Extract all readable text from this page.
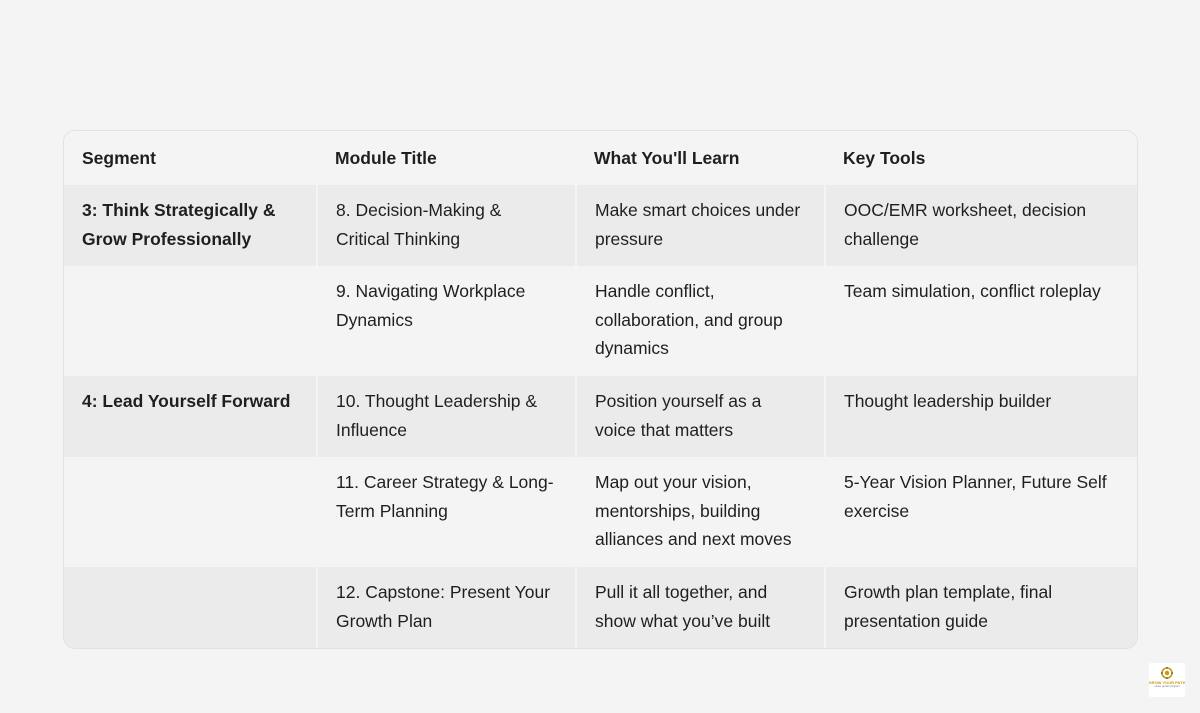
Segment	Module Title	What You'll Learn	Key Tools
3: Think Strategically & Grow Professionally	8. Decision-Making & Critical Thinking	Make smart choices under pressure	OOC/EMR worksheet, decision challenge
	9. Navigating Workplace Dynamics	Handle conflict, collaboration, and group dynamics	Team simulation, conflict roleplay
4: Lead Yourself Forward	10. Thought Leadership & Influence	Position yourself as a voice that matters	Thought leadership builder
	11. Career Strategy & Long-Term Planning	Map out your vision, mentorships, building alliances and next moves	5-Year Vision Planner, Future Self exercise
	12. Capstone: Present Your Growth Plan	Pull it all together, and show what you’ve built	Growth plan template, final presentation guide
GROW YOUR PATH
career growth program
